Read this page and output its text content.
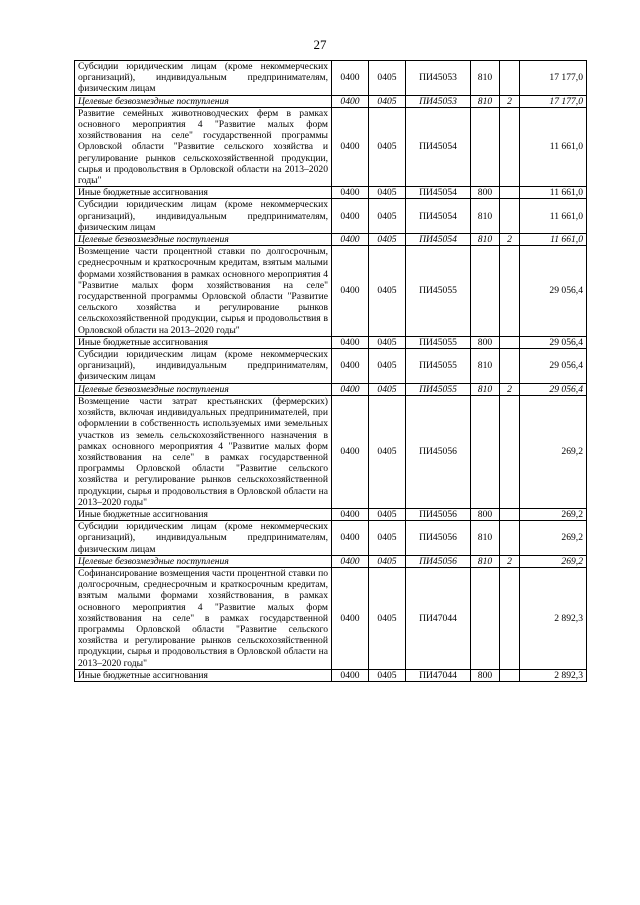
27
Субсидии юридическим лицам (кроме некоммерческих организаций), индивидуальным предпринимателям, физическим лицам	0400	0405	ПИ45053	810		17 177,0
Целевые безвозмездные поступления	0400	0405	ПИ45053	810	2	17 177,0
Развитие семейных животноводческих ферм в рамках основного мероприятия 4 "Развитие малых форм хозяйствования на селе" государственной программы Орловской области "Развитие сельского хозяйства и регулирование рынков сельскохозяйственной продукции, сырья и продовольствия в Орловской области на 2013–2020 годы"	0400	0405	ПИ45054			11 661,0
Иные бюджетные ассигнования	0400	0405	ПИ45054	800		11 661,0
Субсидии юридическим лицам (кроме некоммерческих организаций), индивидуальным предпринимателям, физическим лицам	0400	0405	ПИ45054	810		11 661,0
Целевые безвозмездные поступления	0400	0405	ПИ45054	810	2	11 661,0
Возмещение части процентной ставки по долгосрочным, среднесрочным и краткосрочным кредитам, взятым малыми формами хозяйствования в рамках основного мероприятия 4 "Развитие малых форм хозяйствования на селе" государственной программы Орловской области "Развитие сельского хозяйства и регулирование рынков сельскохозяйственной продукции, сырья и продовольствия в Орловской области на 2013–2020 годы"	0400	0405	ПИ45055			29 056,4
Иные бюджетные ассигнования	0400	0405	ПИ45055	800		29 056,4
Субсидии юридическим лицам (кроме некоммерческих организаций), индивидуальным предпринимателям, физическим лицам	0400	0405	ПИ45055	810		29 056,4
Целевые безвозмездные поступления	0400	0405	ПИ45055	810	2	29 056,4
Возмещение части затрат крестьянских (фермерских) хозяйств, включая индивидуальных предпринимателей, при оформлении в собственность используемых ими земельных участков из земель сельскохозяйственного назначения в рамках основного мероприятия 4 "Развитие малых форм хозяйствования на селе" в рамках государственной программы Орловской области "Развитие сельского хозяйства и регулирование рынков сельскохозяйственной продукции, сырья и продовольствия в Орловской области на 2013–2020 годы"	0400	0405	ПИ45056			269,2
Иные бюджетные ассигнования	0400	0405	ПИ45056	800		269,2
Субсидии юридическим лицам (кроме некоммерческих организаций), индивидуальным предпринимателям, физическим лицам	0400	0405	ПИ45056	810		269,2
Целевые безвозмездные поступления	0400	0405	ПИ45056	810	2	269,2
Софинансирование возмещения части процентной ставки по долгосрочным, среднесрочным и краткосрочным кредитам, взятым малыми формами хозяйствования, в рамках основного мероприятия 4 "Развитие малых форм хозяйствования на селе" в рамках государственной программы Орловской области "Развитие сельского хозяйства и регулирование рынков сельскохозяйственной продукции, сырья и продовольствия в Орловской области на 2013–2020 годы"	0400	0405	ПИ47044			2 892,3
Иные бюджетные ассигнования	0400	0405	ПИ47044	800		2 892,3
